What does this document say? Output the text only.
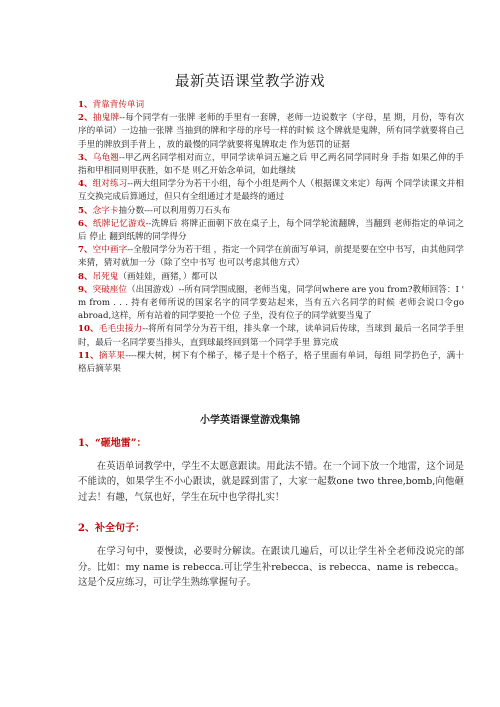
最新英语课堂教学游戏

1、背靠背传单词

2、抽鬼牌--每个同学有一张牌 老师的手里有一套牌，老师一边说数字（字母，星 期，月份，等有次序的单词）一边抽一张牌 当抽到的牌和字母的序号一样的时候 这个牌就是鬼牌，所有同学就要将自己手里的牌放到手背上 ，放的最慢的同学就要将鬼牌取走 作为惩罚的证据

3、乌龟翘--甲乙两名同学相对而立，甲同学读单词五遍之后 甲乙两名同学同时身 手指 如果乙伸的手指和甲相同则甲获胜，如不是 则乙开始念单词，如此继续

4、组对练习--两大组同学分为若干小组，每个小组是两个人（根据课文来定）每两 个同学读课文并相互交换完成后算通过，但只有全组通过才是最终的通过

5、念字卡抽分数---可以利用剪刀石头布

6、纸牌记忆游戏--洗牌后 将牌正面朝下放在桌子上，每个同学轮流翻牌，当翻到 老师指定的单词之后 停止 翻到纸牌的同学得分

7、空中画字--全般同学分为若干组 ，指定一个同学在前面写单词，前提是要在空中书写，由其他同学来猜，猜对就加一分（除了空中书写 也可以考虑其他方式）

8、吊死鬼（画娃娃，画猪，）都可以

9、突破座位（出国游戏）--所有同学围成圈，老师当鬼，同学问where are you from?教师回答：I ' m from . . . 持有老师所说的国家名字的同学要站起来，当有五六名同学的时候 老师会说口令go abroad,这样，所有站着的同学要抢一个位 子坐，没有位子的同学就要当鬼了

10、毛毛虫接力--将所有同学分为若干组，排头拿一个球，读单词后传球，当球到 最后一名同学手里时，最后一名同学要当排头，直到球最终回到第一个同学手里 算完成

11、摘苹果----棵大树，树下有个梯子，梯子是十个格子，格子里面有单词，每组 同学扔色子，满十格后摘苹果

小学英语课堂游戏集锦

1、“砸地雷”：

在英语单词教学中，学生不太愿意跟读。用此法不错。在一个词下放一个地雷，这个词是不能读的，如果学生不小心跟读，就是踩到雷了，大家一起数one two three,bomb,向他砸过去！有趣，气氛也好，学生在玩中也学得扎实！

2、补全句子：

在学习句中，要慢读，必要时分解读。在跟读几遍后，可以让学生补全老师没说完的部分。比如：my name is rebecca.可让学生补rebecca、is rebecca、name is rebecca。这是个反应练习，可让学生熟练掌握句子。
